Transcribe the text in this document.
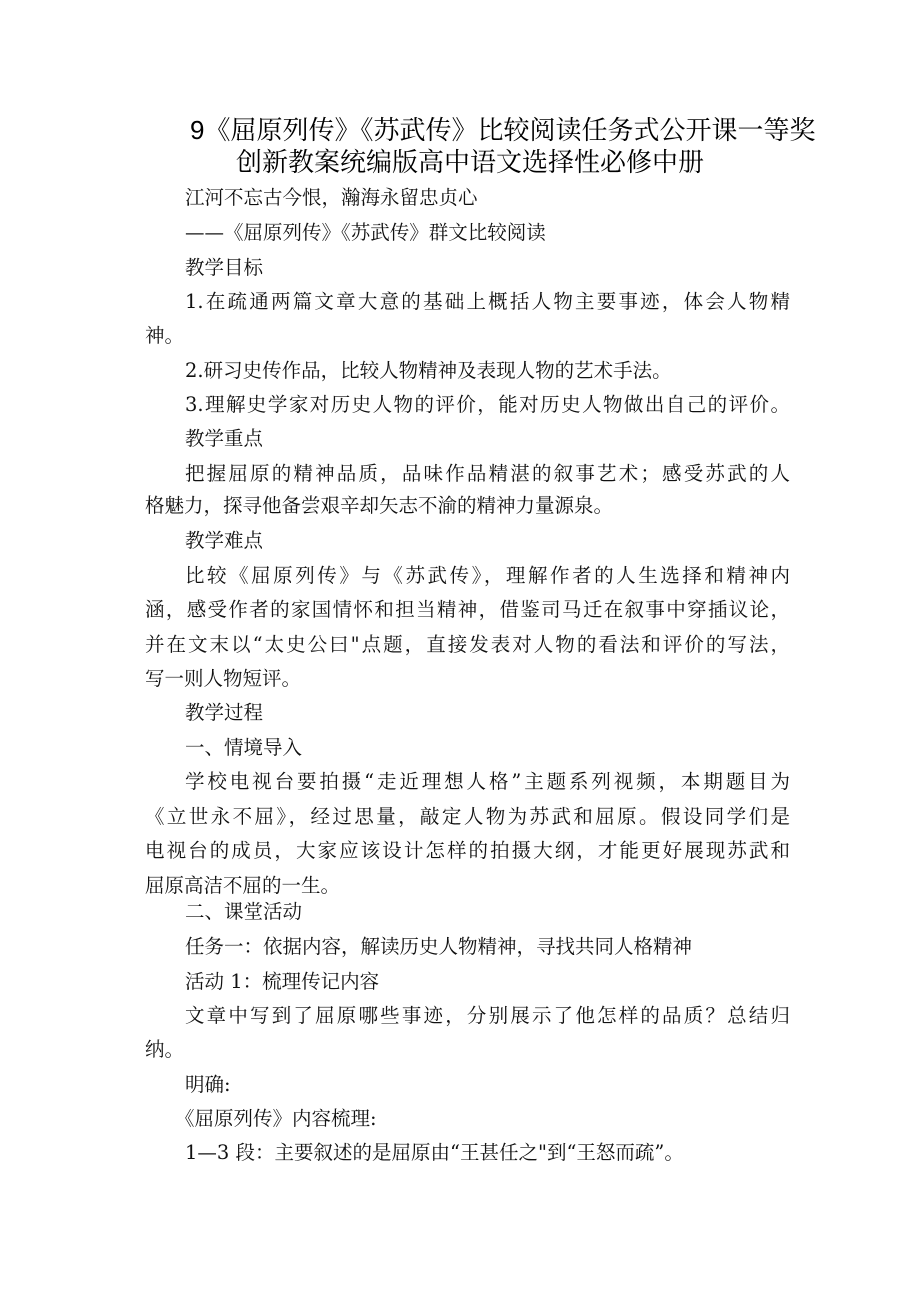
9《屈原列传》《苏武传》比较阅读任务式公开课一等奖
创新教案统编版高中语文选择性必修中册
江河不忘古今恨，瀚海永留忠贞心
——《屈原列传》《苏武传》群文比较阅读
教学目标
1.在疏通两篇文章大意的基础上概括人物主要事迹，体会人物精
神。
2.研习史传作品，比较人物精神及表现人物的艺术手法。
3.理解史学家对历史人物的评价，能对历史人物做出自己的评价。
教学重点
把握屈原的精神品质，品味作品精湛的叙事艺术；感受苏武的人
格魅力，探寻他备尝艰辛却矢志不渝的精神力量源泉。
教学难点
比较《屈原列传》与《苏武传》，理解作者的人生选择和精神内
涵，感受作者的家国情怀和担当精神，借鉴司马迁在叙事中穿插议论，
并在文末以“太史公曰"点题，直接发表对人物的看法和评价的写法，
写一则人物短评。
教学过程
一、情境导入
学校电视台要拍摄“走近理想人格”主题系列视频，本期题目为
《立世永不屈》，经过思量，敲定人物为苏武和屈原。假设同学们是
电视台的成员，大家应该设计怎样的拍摄大纲，才能更好展现苏武和
屈原高洁不屈的一生。
二、课堂活动
任务一：依据内容，解读历史人物精神，寻找共同人格精神
活动 1：梳理传记内容
文章中写到了屈原哪些事迹，分别展示了他怎样的品质？总结归
纳。
明确:
《屈原列传》内容梳理:
1—3 段：主要叙述的是屈原由“王甚任之"到“王怒而疏”。
